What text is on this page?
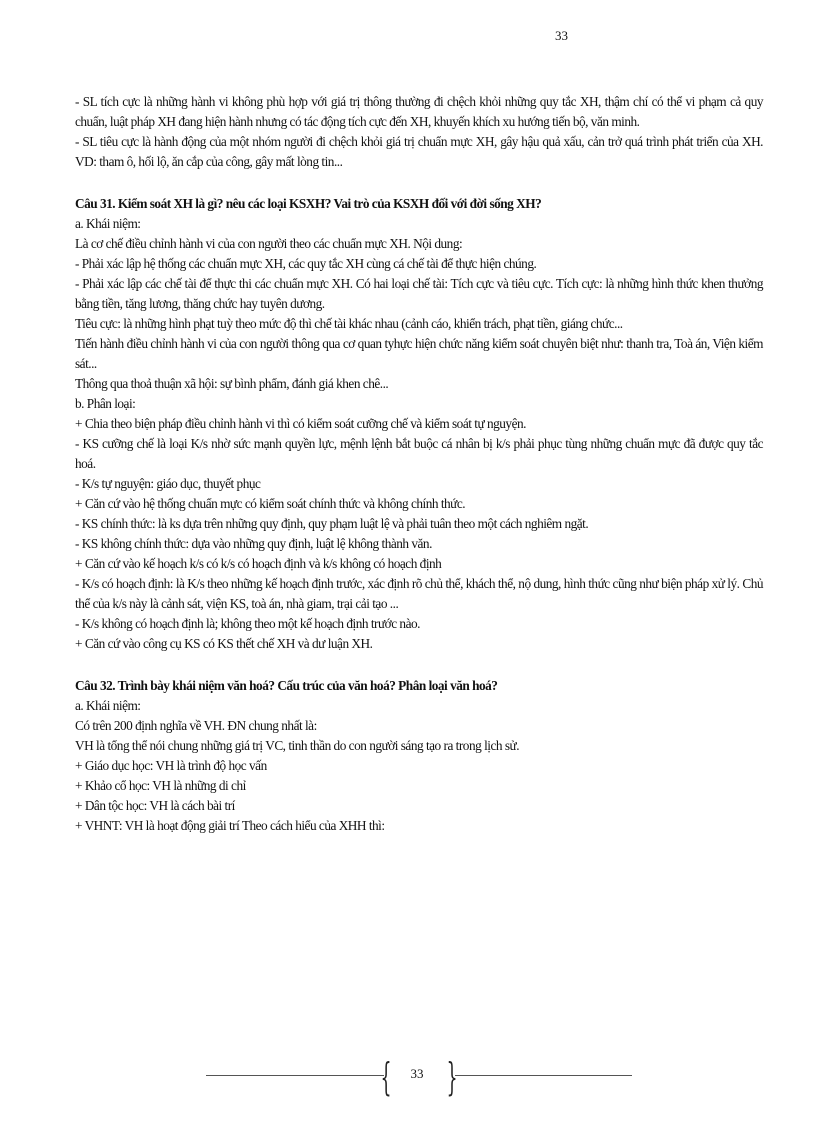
33

- SL tích cực là những hành vi không phù hợp với giá trị thông thường đi chệch khỏi những quy tắc XH, thậm chí có thể vi phạm cả quy chuẩn, luật pháp XH đang hiện hành nhưng có tác động tích cực đến XH, khuyến khích xu hướng tiến bộ, văn minh.

- SL tiêu cực là hành động của một nhóm người đi chệch khỏi giá trị chuẩn mực XH, gây hậu quả xấu, cản trở quá trình phát triển của XH. VD: tham ô, hối lộ, ăn cắp của công, gây mất lòng tin...

Câu 31. Kiểm soát XH là gì? nêu các loại KSXH? Vai trò của KSXH đối với đời sống XH?

a. Khái niệm:

Là cơ chế điều chỉnh hành vi của con người theo các chuẩn mực XH. Nội dung:

- Phải xác lập hệ thống các chuẩn mực XH, các quy tắc XH cùng cá chế tài để thực hiện chúng.

- Phải xác lập các chế tài để thực thi các chuẩn mực XH. Có hai loại chế tài: Tích cực và tiêu cực. Tích cực: là những hình thức khen thưởng bằng tiền, tăng lương, thăng chức hay tuyên dương.

Tiêu cực: là những hình phạt tuỳ theo mức độ thì chế tài khác nhau (cảnh cáo, khiển trách, phạt tiền, giáng chức...

Tiến hành điều chỉnh hành vi của con người thông qua cơ quan tyhực hiện chức năng kiểm soát chuyên biệt như: thanh tra, Toà án, Viện kiểm sát...

Thông qua thoả thuận xã hội: sự bình phẩm, đánh giá khen chê...

b. Phân loại:

+ Chia theo biện pháp điều chỉnh hành vi thì có kiểm soát cưỡng chế và kiểm soát tự nguyện.

- KS cưỡng chế là loại K/s nhờ sức mạnh quyền lực, mệnh lệnh bắt buộc cá nhân bị k/s phải phục tùng những chuẩn mực đã được quy tắc hoá.

- K/s tự nguyện: giáo dục, thuyết phục

+ Căn cứ vào hệ thống chuẩn mực có kiểm soát chính thức và không chính thức.

- KS chính thức: là ks dựa trên những quy định, quy phạm luật lệ và phải tuân theo một cách nghiêm ngặt.

- KS không chính thức: dựa vào những quy định, luật lệ không thành văn.

+ Căn cứ vào kế hoạch k/s có k/s có hoạch định và k/s không có hoạch định

- K/s có hoạch định: là K/s theo những kế hoạch định trước, xác định rõ chủ thể, khách thể, nộ dung, hình thức cũng như biện pháp xử lý. Chủ thể của k/s này là cảnh sát, viện KS, toà án, nhà giam, trại cải tạo ...

- K/s không có hoạch định là; không theo một kế hoạch định trước nào.

+ Căn cứ vào công cụ KS có KS thết chế XH và dư luận XH.

Câu 32. Trình bày khái niệm văn hoá? Cấu trúc của văn hoá? Phân loại văn hoá?

a. Khái niệm:

Có trên 200 định nghĩa về VH. ĐN chung nhất là:

VH là tổng thể nói chung những giá trị VC, tinh thần do con người sáng tạo ra trong lịch sử.

+ Giáo dục học: VH là trình độ học vấn

+ Khảo cổ học: VH là những di chỉ

+ Dân tộc học: VH là cách bài trí

+ VHNT: VH là hoạt động giải trí Theo cách hiểu của XHH thì:

{	33 }
